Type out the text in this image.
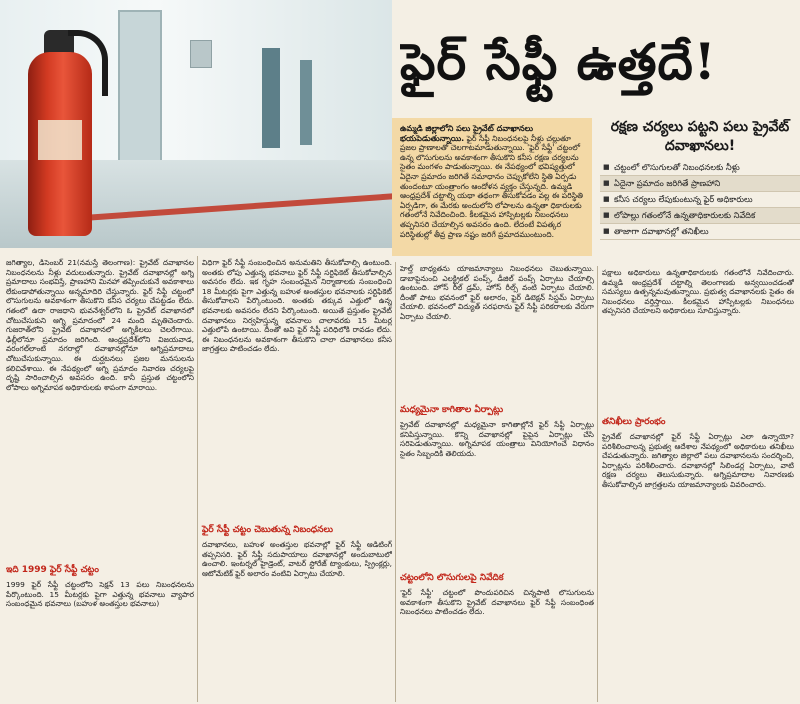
ఫైర్ సేఫ్టీ ఉత్తదే!
ఉమ్మడి జిల్లాలోని పలు ప్రైవేట్ దవాఖానలు భయపెడుతున్నాయి. ఫైర్ సేఫ్టీ నిబంధనలపై నీళ్లు చల్లుతూ ప్రజల ప్రాణాలతో చెలగాటమాడుతున్నాయి. 'ఫైర్ సేఫ్టీ' చట్టంలో ఉన్న లొసుగులను అవకాశంగా తీసుకొని కనీస రక్షణ చర్యలను సైతం మంగళం పాడుతున్నాయి. ఈ నేపథ్యంలో భవిష్యత్తులో ఏదైనా ప్రమాదం జరిగితే సమాధానం చెప్పుకోలేని స్థితి ఏర్పడు తుందంటూ యంత్రాంగం ఆందోళన వ్యక్తం చేస్తున్నది. ఉమ్మడి ఆంధ్రప్రదేశ్ చట్టాల్ని యథా తథంగా తీసుకోవడం వల్ల ఈ పరిస్థితి ఏర్పడిగా, ఈ మేరకు అందులోని లోపాలను ఉన్నతా ధికారులకు గతంలోనే నివేదించింది. కీలకమైన హాస్పిటల్లకు నిబంధనలు తప్పనిసరి చేయాల్సిన అవసరం ఉంది. లేదంటే విపత్కర పరిస్థితుల్లో తీవ్ర ప్రాణ నష్టం జరిగే ప్రమాదముంటుంది.
రక్షణ చర్యలు పట్టని పలు ప్రైవేట్ దవాఖానలు!
■ చట్టంలో లొసుగులతో నిబంధనలకు నీళ్లు
■ ఏదైనా ప్రమాదం జరిగితే ప్రాణహాని
■ కనీస చర్యలు లేపుకుంటున్న ఫైర్ అధికారులు
■ లోపాల్లు గతంలోనే ఉన్నతాధికారులకు నివేదిక
■ తాజాగా దవాఖానల్లో తనిఖీలు

జగిత్యాల, డిసెంబర్ 21(నమస్తే తెలంగాణ): ప్రైవేట్ దవాఖానల నిబంధనలను నీళ్లు వదులుతున్నారు. ప్రైవేట్ దవాఖానల్లో అగ్ని ప్రమాదాలు సంభవిస్తే, ప్రాణహాని మినహా తప్పించుకునే అవకాశాలు లేకుండాపోతున్నాయి అన్నమాదిరి చేస్తున్నారు. ఫైర్ సేఫ్టీ చట్టంలో లొసుగులను అవకాశంగా తీసుకొని కనీస చర్యలు చేపట్టడం లేదు. గతంలో ఉదా రాజధాని భువనేశ్వర్‌లోని ఓ ప్రైవేట్ దవాఖానలో చోటుచేసుకుని ఆగ్ని ప్రమాదంలో 24 మంది మృతిచెందారు. గుజరాత్‌లోని ప్రైవేట్ దవాఖానలో అగ్నికీలలు చెలరేగాయి. ఢిల్లీలోనూ ప్రమాదం జరిగింది. ఆంధ్రప్రదేశ్‌లోని విజయవాడ, వరంగల్‌లాంటి నగరాల్లో దవాఖానల్లోనూ అగ్నిప్రమాదాలు చోటుచేసుకున్నాయి. ఈ దుర్ఘటనలు ప్రజల మనసులను కలిచివేశాయి. ఈ నేపథ్యంలో అగ్ని ప్రమాదం నివారణ చర్యలపై దృష్టి సారించాల్సిన అవసరం ఉంది. కానీ ప్రస్తుత చట్టంలోని లోపాలు అగ్నిమాపక అధికారులకు శాపంగా మారాయి.

ఇది 1999 ఫైర్ సేఫ్టీ చట్టం

1999 ఫైర్ సేఫ్టీ చట్టంలోని సెక్షన్ 13 పలు నిబంధనలను పేర్కొంటుంది. 15 మీటర్లకు పైగా ఎత్తున్న భవనాలు వ్యాపార సంబంధమైన భవనాలు (బహుళ అంతస్తుల భవనాలు)

విధిగా ఫైర్ సేఫ్టీ సంబంధించిన అనుమతిని తీసుకోవాల్సి ఉంటుంది. అంతకు లోపు ఎత్తున్న భవనాలు ఫైర్ సేఫ్టీ సర్టిఫికెట్ తీసుకోవాల్సిన అవసరం లేదు. ఇక గృహ సంబంధమైన నిర్మాణాలకు సంబంధించి 18 మీటర్లకు పైగా ఎత్తున్న బహుళ అంతస్తుల భవనాలకు సర్టిఫికెట్ తీసుకోవాలని పేర్కొంటుంది. అంతకు తక్కువ ఎత్తులో ఉన్న భవనాలకు అవసరం లేదని పేర్కొంటుంది. అయితే ప్రస్తుతం ప్రైవేట్ దవాఖానలు నిర్వహిస్తున్న భవనాలు చాలావరకు 15 మీటర్ల ఎత్తులోపే ఉంటాయి. దీంతో అవి ఫైర్ సేఫ్టీ పరిధిలోకి రావడం లేదు. ఈ నిబంధనలను అవకాశంగా తీసుకొని చాలా దవాఖానలు కనీస జాగ్రత్తలు పాటించడం లేదు.

ఫైర్ సేఫ్టీ చట్టం చెబుతున్న నిబంధనలు

దవాఖానలు, బహుళ అంతస్తుల భవనాల్లో ఫైర్ సేఫ్టీ ఆడిటింగ్ తప్పనిసరి. ఫైర్ సేఫ్టీ సదుపాయాలు దవాఖానల్లో అందుబాటులో ఉంచాలి. ఇంటర్నల్ హైడ్రెంట్, వాటర్ స్టోరేజ్ ట్యాంకులు, స్ప్రింక్లర్లు, ఆటోమేటిక్ ఫైర్ అలారం వంటివి ఏర్పాటు చేయాలి.

హెల్త్ బాధ్యతను యాజమాన్యాలు నిబంధనలు చెబుతున్నాయి. డాబాపైనుంచి ఎలక్ట్రికల్ పంప్స్, డీజిల్ పంప్స్ ఏర్పాటు చేయాల్సి ఉంటుంది. హోస్ రీల్ డ్రమ్, హోస్ రీల్స్ వంటి ఏర్పాటు చేయాలి. దీంతో పాటు భవనంలో ఫైర్ అలారం, ఫైర్ డిటెక్షన్ సిస్టమ్ ఏర్పాటు చేయాలి. భవనంలో విద్యుత్ సరఫరాను ఫైర్ సేఫ్టీ పరికరాలకు వేరుగా ఏర్పాటు చేయాలి.

మధ్యమైనా కాగితాల ఏర్పాట్లు

ప్రైవేట్ దవాఖానల్లో మధ్యమైనా కాగితాల్లోనే ఫైర్ సేఫ్టీ ఏర్పాట్లు కనిపిస్తున్నాయి. కొన్ని దవాఖానల్లో పైపైన ఏర్పాట్లు చేసి సరిపెడుతున్నాయి. అగ్నిమాపక యంత్రాలు వినియోగించే విధానం సైతం సిబ్బందికి తెలియదు.

చట్టంలోని లొసుగులపై నివేదిక

'ఫైర్ సేఫ్టీ' చట్టంలో పొందుపరిచిన చిన్నపాటి లొసుగులను అవకాశంగా తీసుకొని ప్రైవేట్ దవాఖానలు ఫైర్ సేఫ్టీ సంబంధింత నిబంధనలు పాటించడం లేదు.

పక్షాలు అధికారులు ఉన్నతాధికారులకు గతంలోనే నివేదించారు. ఉమ్మడి ఆంధ్రప్రదేశ్ చట్టాల్ని తెలంగాణకు అన్వయించడంతో సమస్యలు ఉత్పన్నమవుతున్నాయి. ప్రభుత్వ దవాఖానలకు సైతం ఈ నిబంధనలు వర్తిస్తాయి. కీలకమైన హాస్పిటల్లకు నిబంధనలు తప్పనిసరి చేయాలని అధికారులు సూచిస్తున్నారు.

తనిఖీలు ప్రారంభం

ప్రైవేట్ దవాఖానల్లో ఫైర్ సేఫ్టీ ఏర్పాట్లు ఎలా ఉన్నాయో? పరిశీలించాలన్న ప్రభుత్వ ఆదేశాల నేపథ్యంలో అధికారులు తనిఖీలు చేపడుతున్నారు. జగిత్యాల జిల్లాలో పలు దవాఖానలను సందర్శించి, ఏర్పాట్లను పరిశీలించారు. దవాఖానల్లో సిలిండర్ల ఏర్పాటు, వాటి రక్షణ చర్యలు తెలుసుకున్నారు. అగ్నిప్రమాదాల నివారణకు తీసుకోవాల్సిన జాగ్రత్తలను యాజమాన్యాలకు వివరించారు.
